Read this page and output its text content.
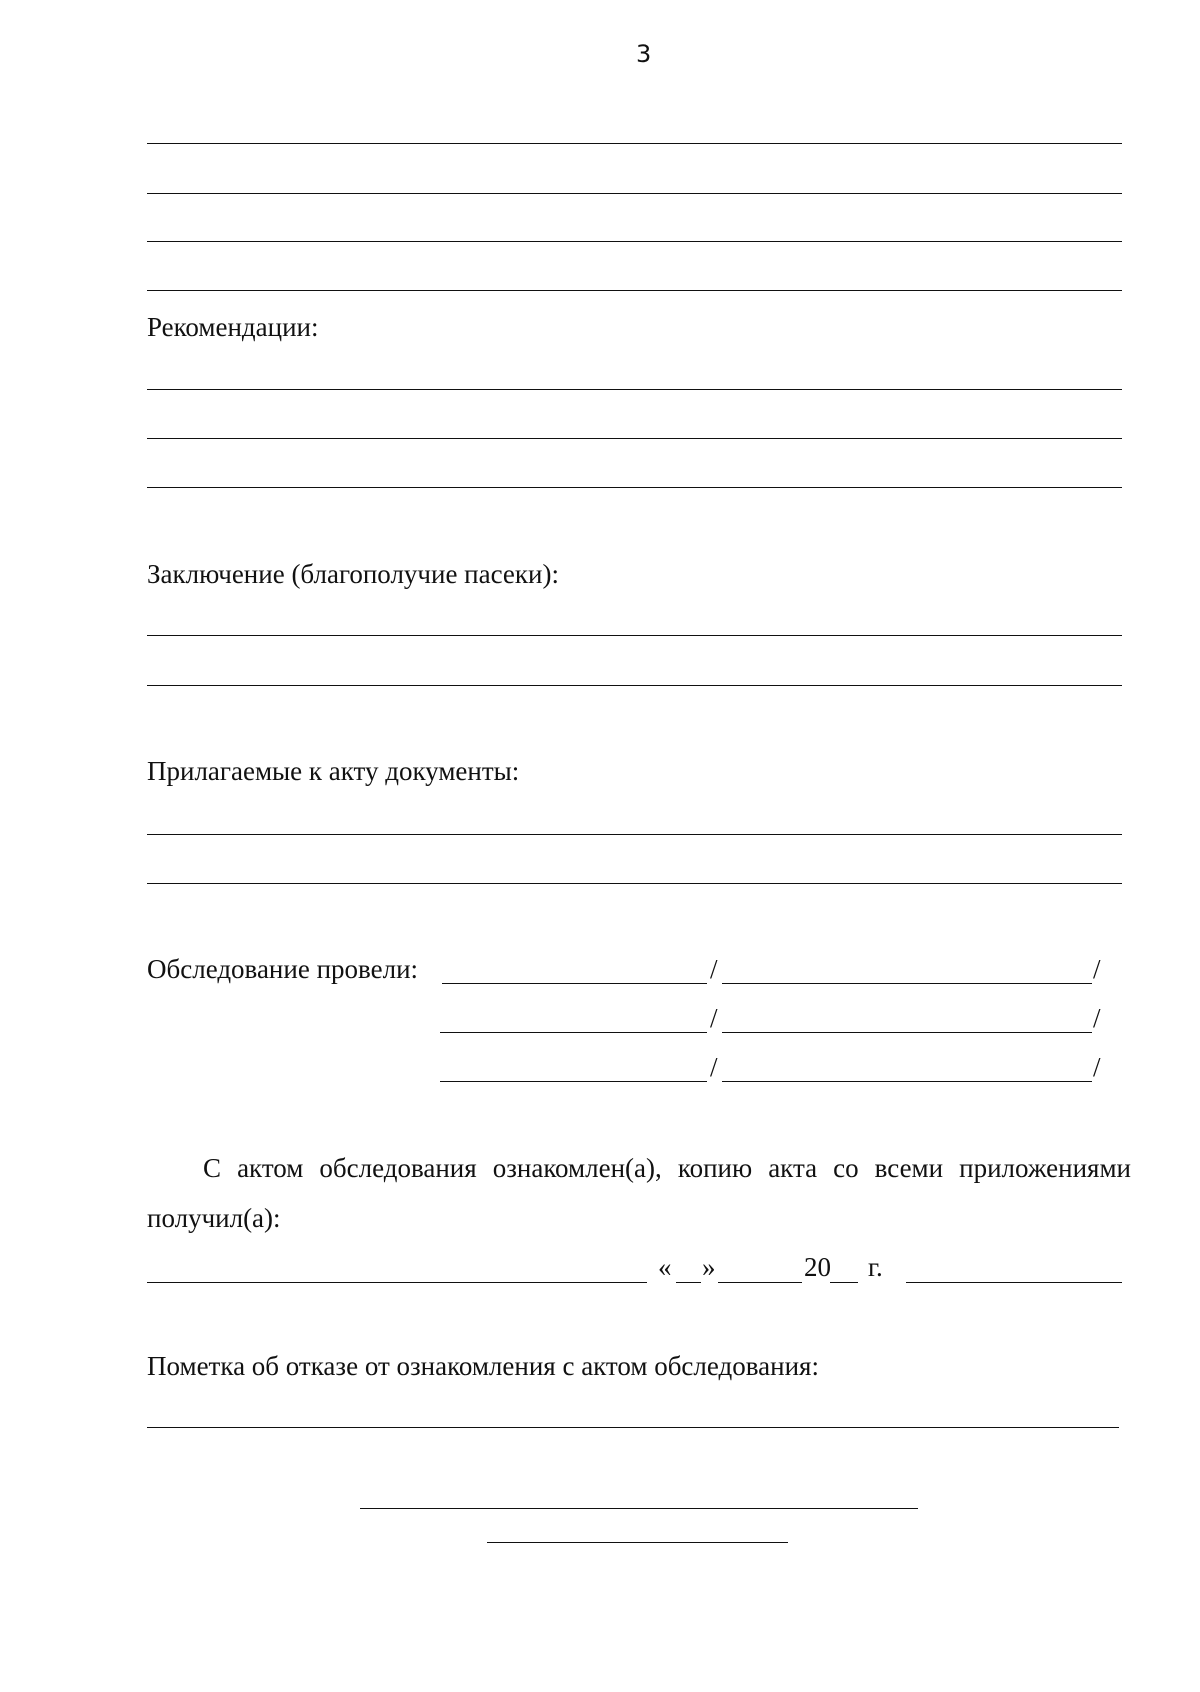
3
Рекомендации:
Заключение (благополучие пасеки):
Прилагаемые к акту документы:
Обследование провели:	/	/
/	/
/	/
С актом обследования ознакомлен(а), копию акта со всеми приложениями
получил(а):
« »	20 г.
Пометка об отказе от ознакомления с актом обследования:
